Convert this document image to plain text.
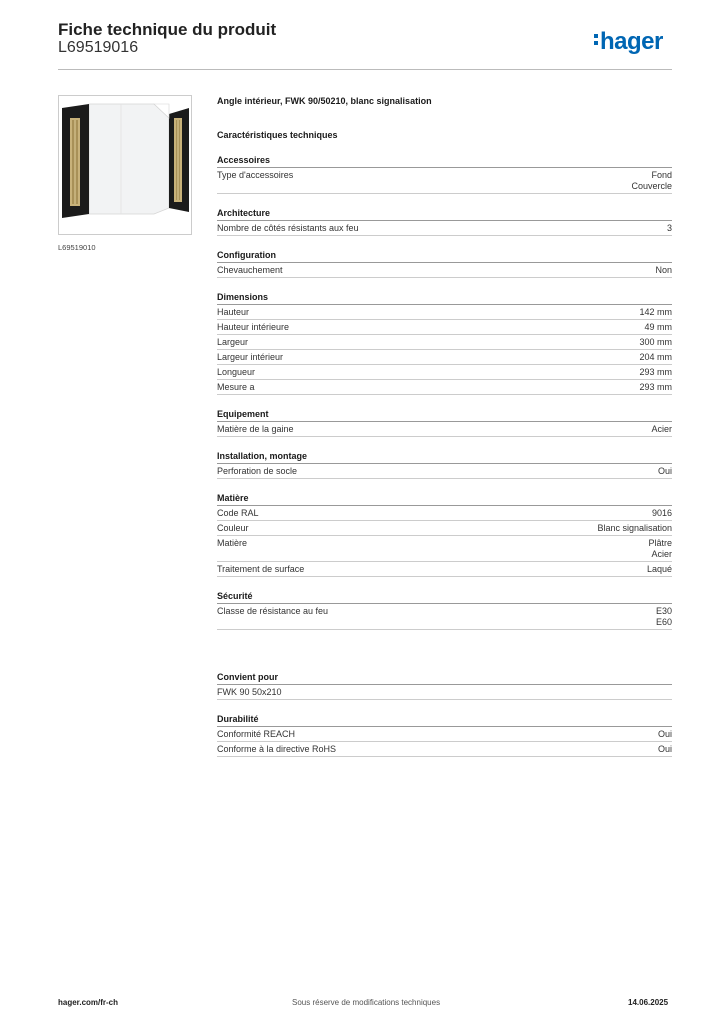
Fiche technique du produit
L69519016	hager
L69519010
Angle intérieur, FWK 90/50210, blanc signalisation
Caractéristiques techniques
Accessoires
Type d'accessoires	Fond
Couvercle
Architecture
Nombre de côtés résistants aux feu	3
Configuration
Chevauchement	Non
Dimensions
Hauteur	142 mm
Hauteur intérieure	49 mm
Largeur	300 mm
Largeur intérieur	204 mm
Longueur	293 mm
Mesure a	293 mm
Equipement
Matière de la gaine	Acier
Installation, montage
Perforation de socle	Oui
Matière
Code RAL	9016
Couleur	Blanc signalisation
Matière	Plâtre
Acier
Traitement de surface	Laqué
Sécurité
Classe de résistance au feu	E30
E60
Convient pour
FWK 90 50x210
Durabilité
Conformité REACH	Oui
Conforme à la directive RoHS	Oui
hager.com/fr-ch	Sous réserve de modifications techniques	14.06.2025
